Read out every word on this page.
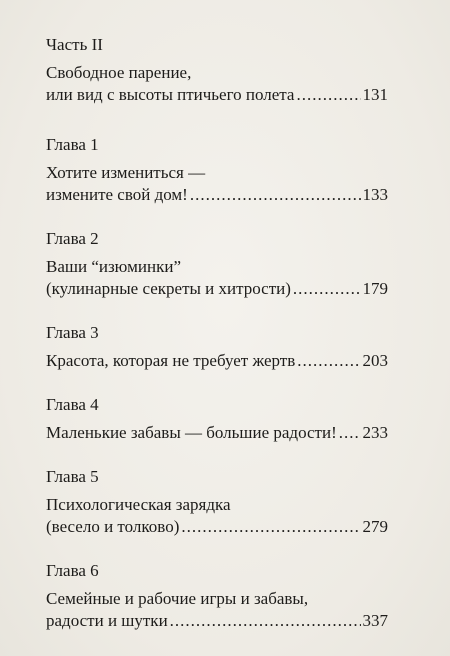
Часть II
Свободное парение,
или вид с высоты птичьего полета .....	131
Глава 1
Хотите измениться —
измените свой дом! .....	133
Глава 2
Ваши “изюминки”
(кулинарные секреты и хитрости) .....	179
Глава 3
Красота, которая не требует жертв .....	203
Глава 4
Маленькие забавы — большие радости! ..... 233
Глава 5
Психологическая зарядка
(весело и толково) .....	279
Глава 6
Семейные и рабочие игры и забавы,
радости и шутки .....	337
